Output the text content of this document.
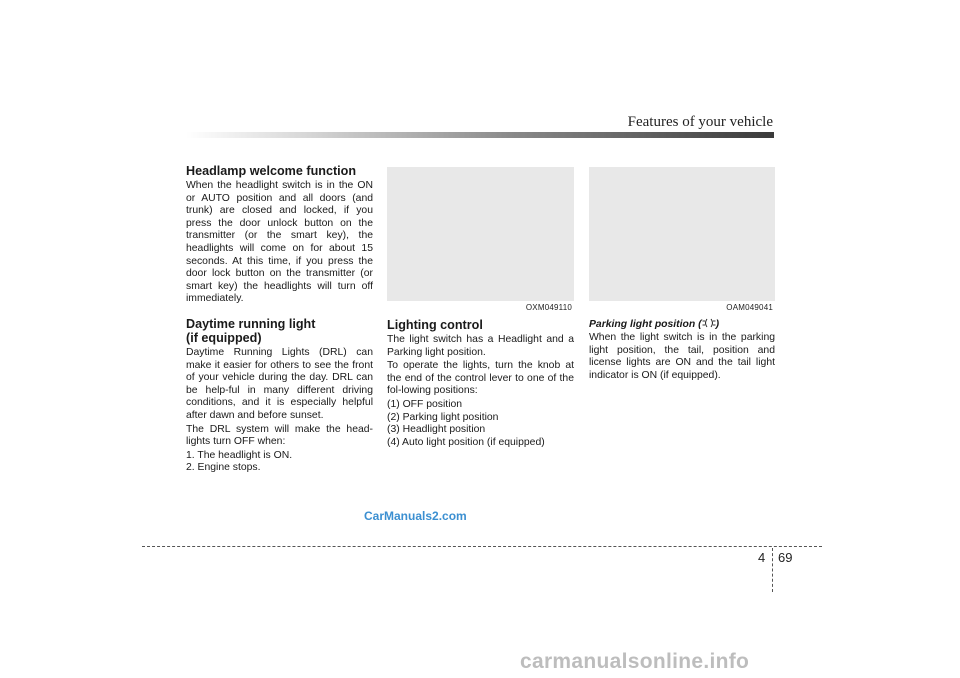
Features of your vehicle
Headlamp welcome function

When the headlight switch is in the ON or AUTO position and all doors (and trunk) are closed and locked, if you press the door unlock button on the transmitter (or the smart key), the headlights will come on for about 15 seconds. At this time, if you press the door lock button on the transmitter (or smart key) the headlights will turn off immediately.

Daytime running light
(if equipped)

Daytime Running Lights (DRL) can make it easier for others to see the front of your vehicle during the day. DRL can be help-ful in many different driving conditions, and it is especially helpful after dawn and before sunset.

The DRL system will make the head-lights turn OFF when:

1. The headlight is ON.
2. Engine stops.
OXM049110
Lighting control

The light switch has a Headlight and a Parking light position.

To operate the lights, turn the knob at the end of the control lever to one of the fol-lowing positions:

(1) OFF position
(2) Parking light position
(3) Headlight position
(4) Auto light position (if equipped)
OAM049041
Parking light position ( )

When the light switch is in the parking light position, the tail, position and license lights are ON and the tail light indicator is ON (if equipped).

CarManuals2.com
4 69
carmanualsonline.info
